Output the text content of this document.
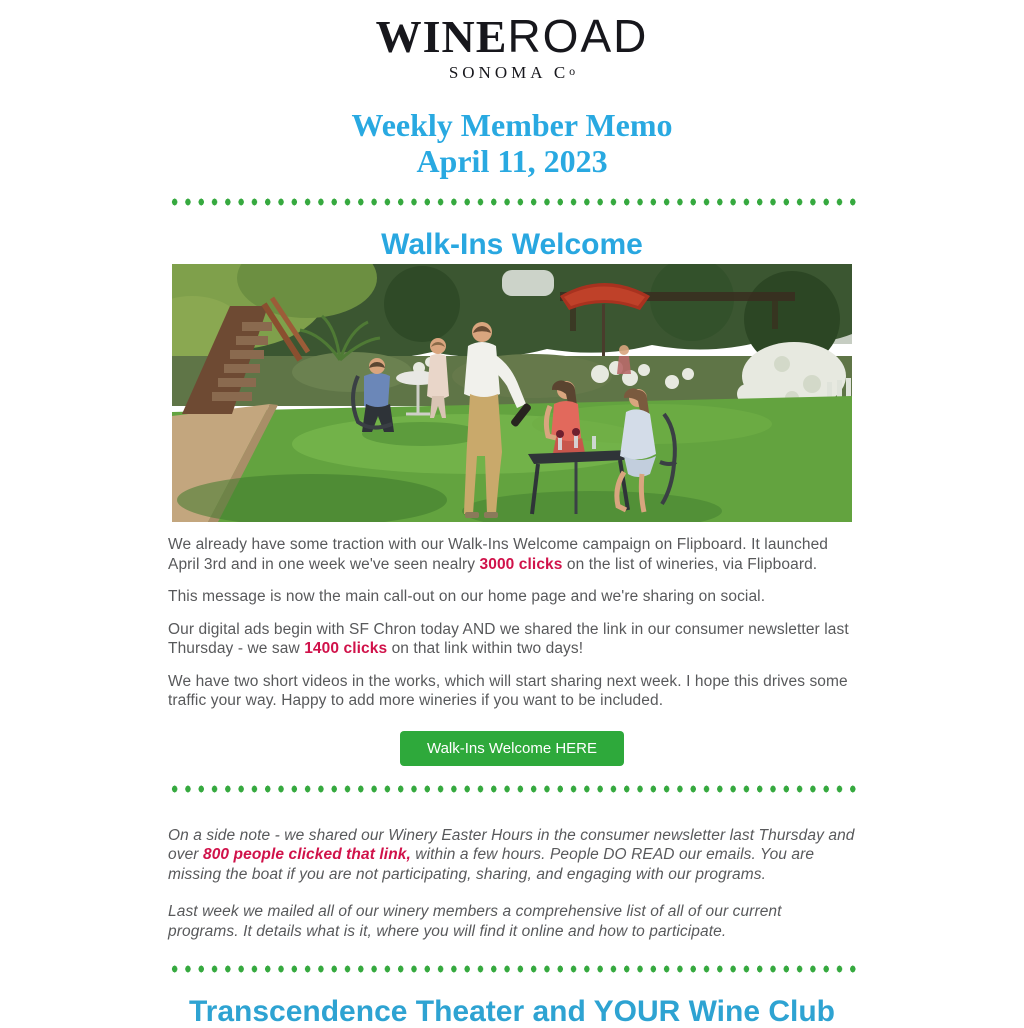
WINEROAD
SONOMA Co
Weekly Member Memo
April 11, 2023
Walk-Ins Welcome

We already have some traction with our Walk-Ins Welcome campaign on Flipboard. It launched April 3rd and in one week we've seen nealry 3000 clicks on the list of wineries, via Flipboard.

This message is now the main call-out on our home page and we're sharing on social.

Our digital ads begin with SF Chron today AND we shared the link in our consumer newsletter last Thursday - we saw 1400 clicks on that link within two days!

We have two short videos in the works, which will start sharing next week. I hope this drives some traffic your way. Happy to add more wineries if you want to be included.

Walk-Ins Welcome HERE

On a side note - we shared our Winery Easter Hours in the consumer newsletter last Thursday and over 800 people clicked that link, within a few hours. People DO READ our emails. You are missing the boat if you are not participating, sharing, and engaging with our programs.

Last week we mailed all of our winery members a comprehensive list of all of our current programs. It details what is it, where you will find it online and how to participate.

Transcendence Theater and YOUR Wine Club
